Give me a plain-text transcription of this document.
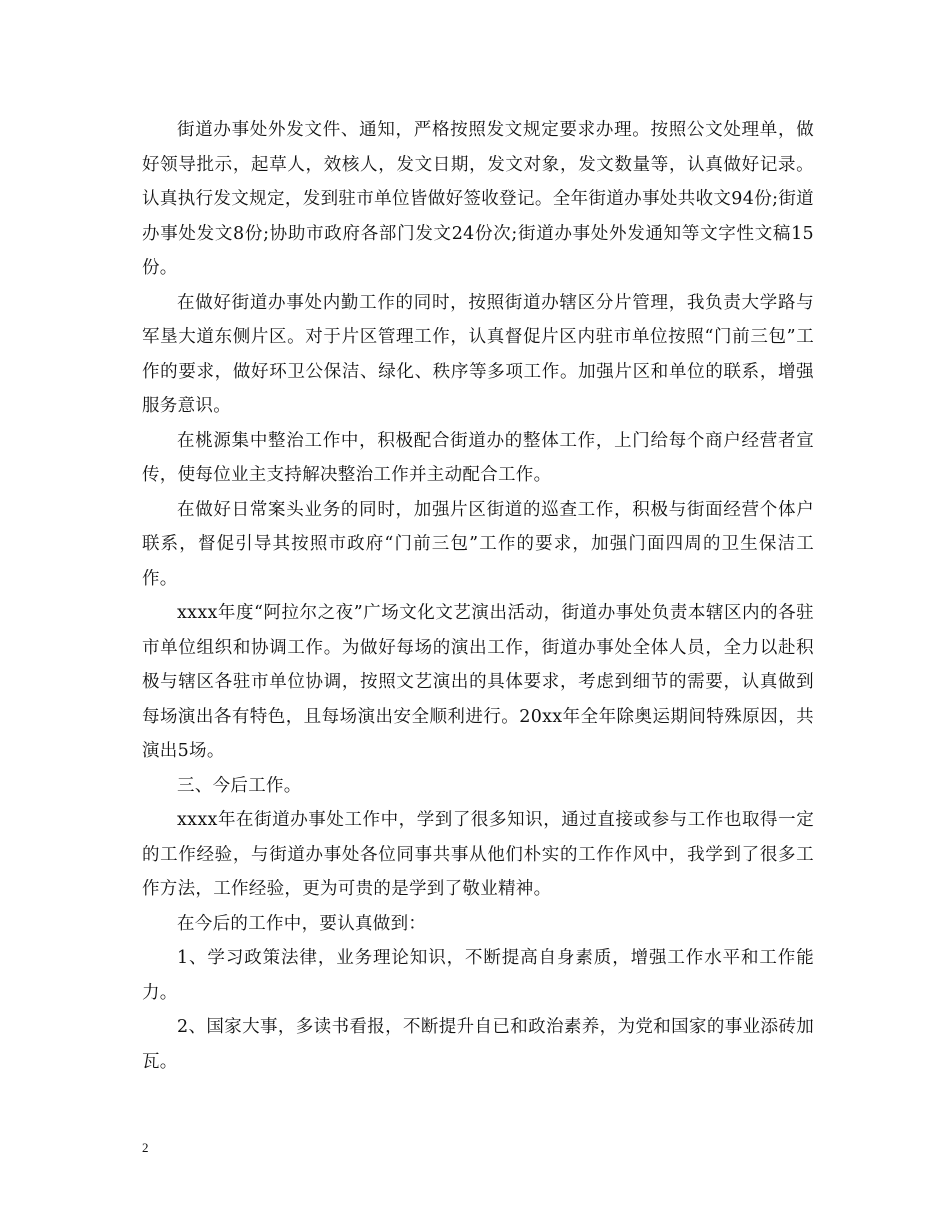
街道办事处外发文件、通知，严格按照发文规定要求办理。按照公文处理单，做好领导批示，起草人，效核人，发文日期，发文对象，发文数量等，认真做好记录。认真执行发文规定，发到驻市单位皆做好签收登记。全年街道办事处共收文94份;街道办事处发文8份;协助市政府各部门发文24份次;街道办事处外发通知等文字性文稿15份。

在做好街道办事处内勤工作的同时，按照街道办辖区分片管理，我负责大学路与军垦大道东侧片区。对于片区管理工作，认真督促片区内驻市单位按照“门前三包”工作的要求，做好环卫公保洁、绿化、秩序等多项工作。加强片区和单位的联系，增强服务意识。

在桃源集中整治工作中，积极配合街道办的整体工作，上门给每个商户经营者宣传，使每位业主支持解决整治工作并主动配合工作。

在做好日常案头业务的同时，加强片区街道的巡查工作，积极与街面经营个体户联系，督促引导其按照市政府“门前三包”工作的要求，加强门面四周的卫生保洁工作。

xxxx年度“阿拉尔之夜”广场文化文艺演出活动，街道办事处负责本辖区内的各驻市单位组织和协调工作。为做好每场的演出工作，街道办事处全体人员，全力以赴积极与辖区各驻市单位协调，按照文艺演出的具体要求，考虑到细节的需要，认真做到每场演出各有特色，且每场演出安全顺利进行。20xx年全年除奥运期间特殊原因，共演出5场。

三、今后工作。

xxxx年在街道办事处工作中，学到了很多知识，通过直接或参与工作也取得一定的工作经验，与街道办事处各位同事共事从他们朴实的工作作风中，我学到了很多工作方法，工作经验，更为可贵的是学到了敬业精神。

在今后的工作中，要认真做到：

1、学习政策法律，业务理论知识，不断提高自身素质，增强工作水平和工作能力。

2、国家大事，多读书看报，不断提升自已和政治素养，为党和国家的事业添砖加瓦。

2
